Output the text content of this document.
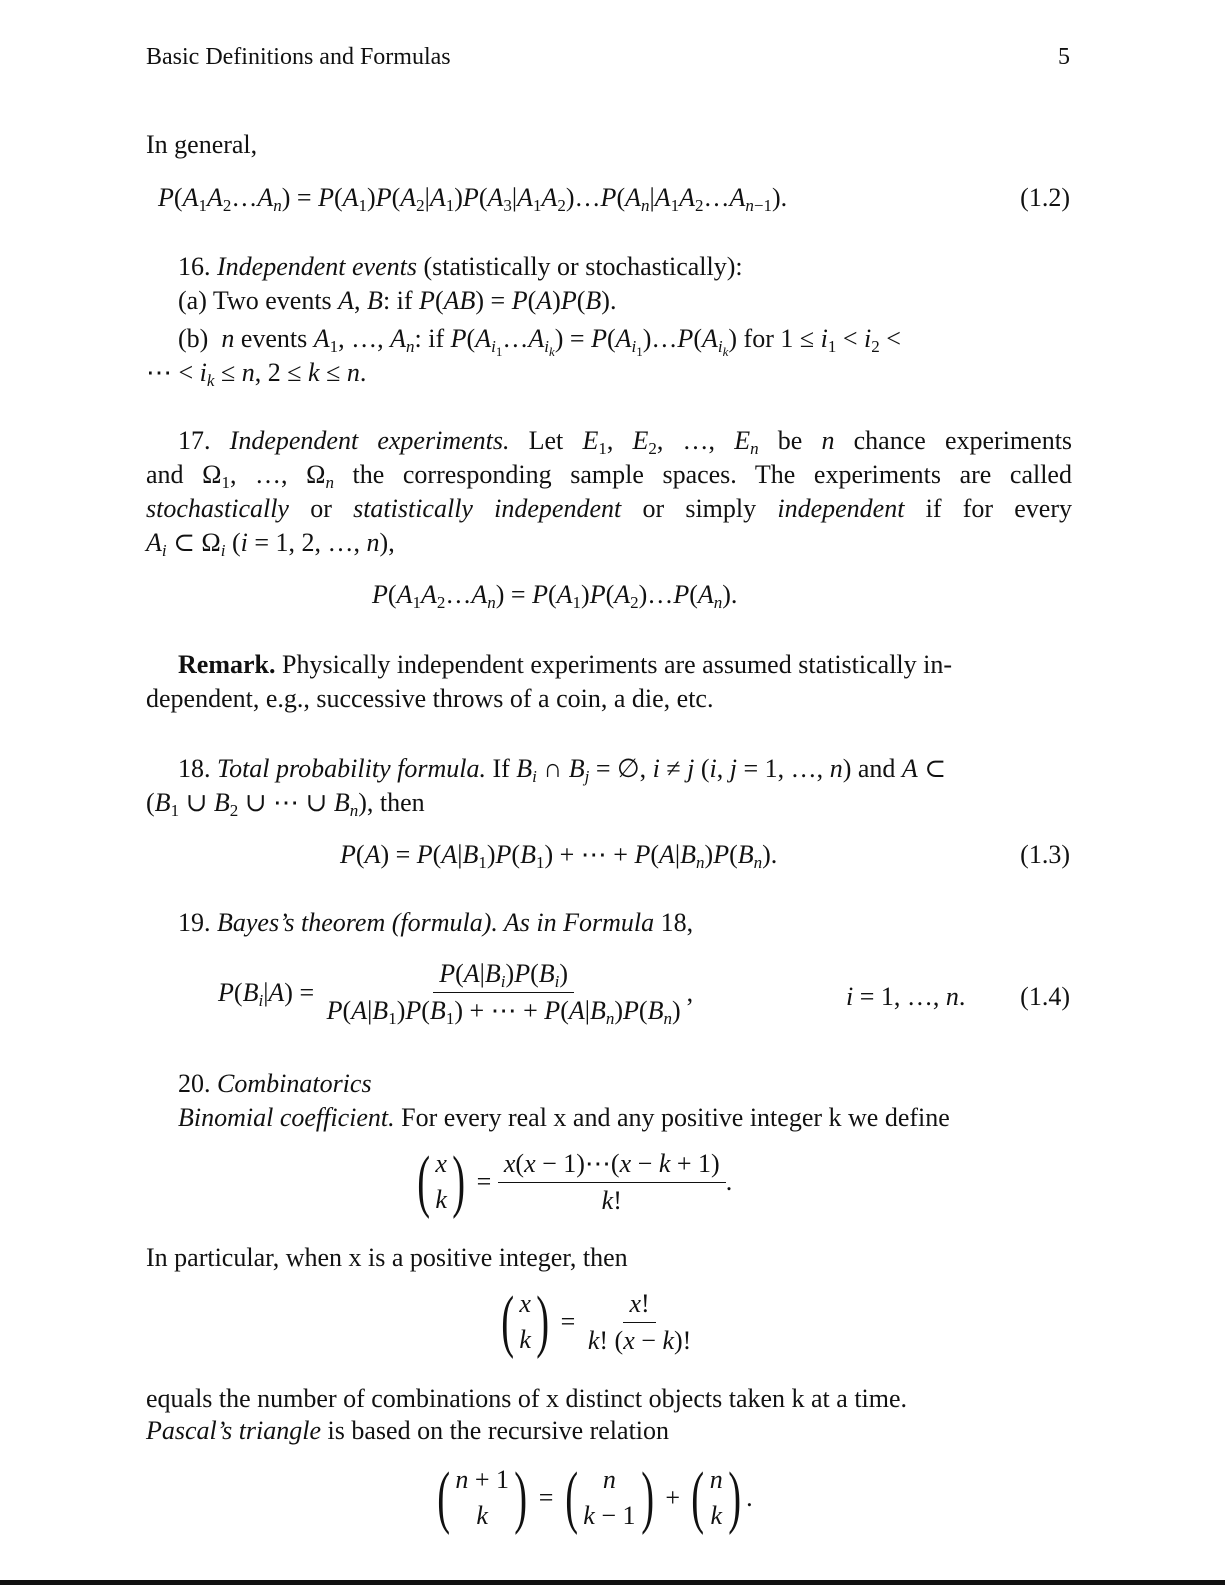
Basic Definitions and Formulas	5
In general,
$P(A_1A_2\dots A_n)$ = $P(A_1)P(A_2|A_1)P(A_3|A_1A_2)\dots P(A_n|A_1A_2\dots A_{n-1})$.	(1.2)
16. Independent events (statistically or stochastically):
(a) Two events A, B: if P(AB) = P(A)P(B).
(b) n events $A_1$, …, $A_n$: if $P(A_{i_1}\dots A_{i_k})$ = $P(A_{i_1})\dots P(A_{i_k})$ for $1 \le i_1 < i_2$ <
⋯ < $i_k \le n$, 2 ≤ k ≤ n.

17. Independent experiments. Let $E_1$, $E_2$, …, $E_n$ be n chance experiments

and $\Omega_1$, …, $\Omega_n$ the corresponding sample spaces. The experiments are called

stochastically or statistically independent or simply independent if for every

$A_i$ ⊂ $\Omega_i$ (i = 1, 2, …, n),

$P(A_1A_2\dots A_n)$ = $P(A_1)P(A_2)\dots P(A_n)$.
Remark. Physically independent experiments are assumed statistically in-
dependent, e.g., successive throws of a coin, a die, etc.
18. Total probability formula. If $B_i$ ∩ $B_j$ = ∅, i ≠ j (i, j = 1, …, n) and A ⊂
($B_1$ ∪ $B_2$ ∪ ⋯ ∪ $B_n$), then
$P(A) = P(A|B_1)P(B_1)$ + ⋯ + $P(A|B_n)P(B_n)$.	(1.3)
19. Bayes’s theorem (formula). As in Formula 18,
$P(B_i|A) = \frac{P(A|B_i)P(B_i)}{P(A|B_1)P(B_1) + \cdots + P(A|B_n)P(B_n)}$ ,	i = 1, …, n. (1.4)
20. Combinatorics
Binomial coefficient. For every real x and any positive integer k we define
( x
k ) = $\frac{x(x - 1)\cdots(x - k + 1)}{k!}$ .
In particular, when x is a positive integer, then
( x
k ) = $\frac{x!}{k! (x - k)!}$
equals the number of combinations of x distinct objects taken k at a time.
Pascal’s triangle is based on the recursive relation
( n + 1
k ) = ( n
k − 1 ) + ( n
k ) .
